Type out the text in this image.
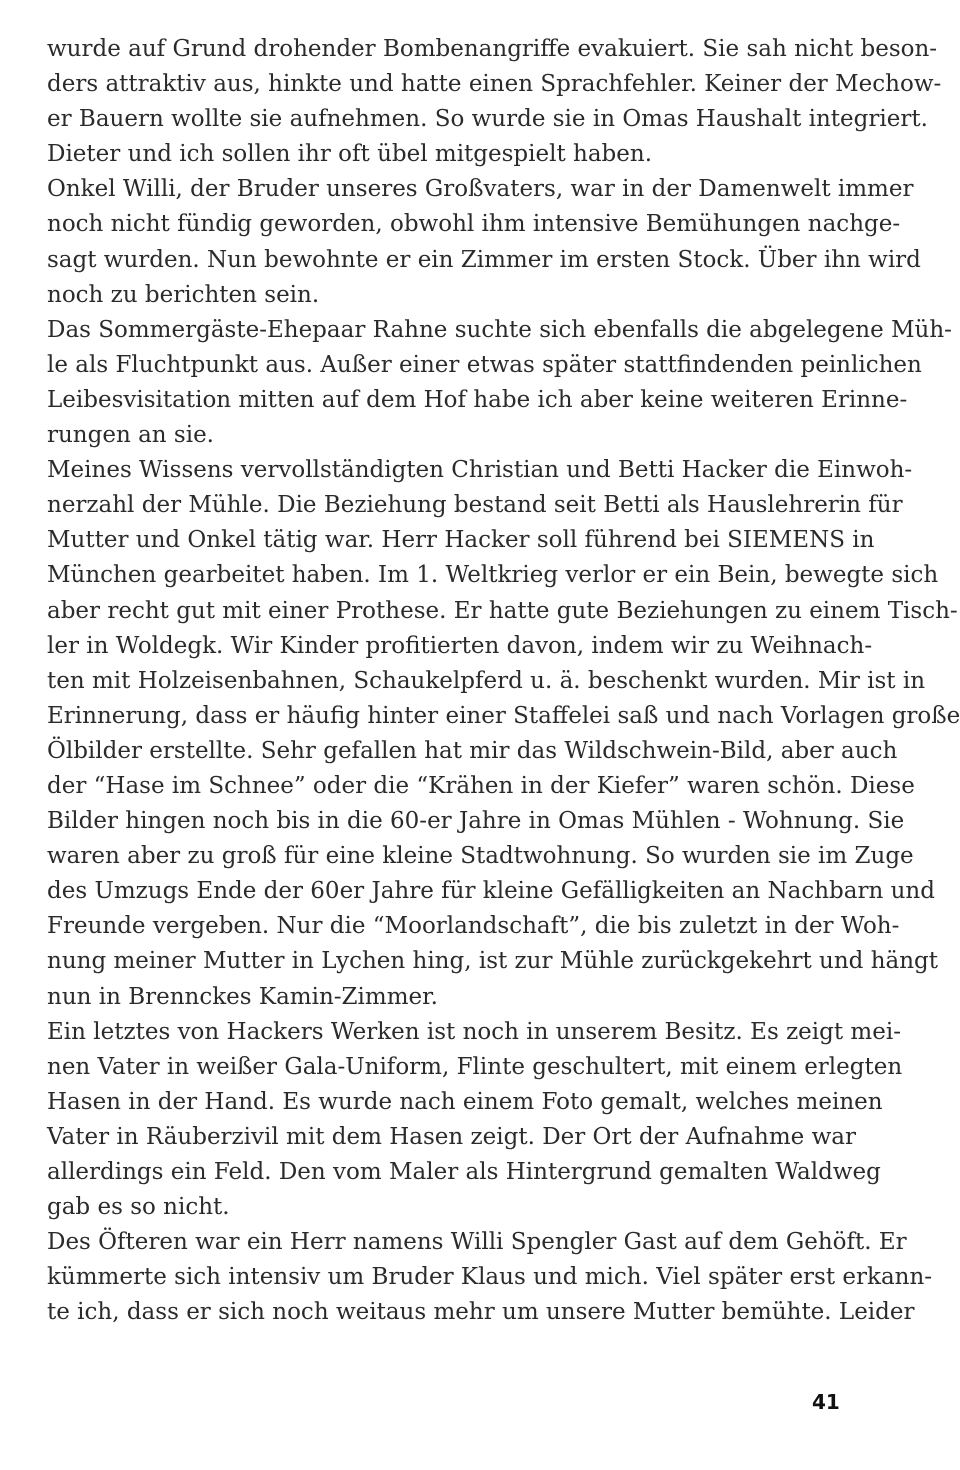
wurde auf Grund drohender Bombenangriffe evakuiert. Sie sah nicht beson-
ders attraktiv aus, hinkte und hatte einen Sprachfehler. Keiner der Mechow-
er Bauern wollte sie aufnehmen. So wurde sie in Omas Haushalt integriert.
Dieter und ich sollen ihr oft übel mitgespielt haben.
Onkel Willi, der Bruder unseres Großvaters, war in der Damenwelt immer
noch nicht fündig geworden, obwohl ihm intensive Bemühungen nachge-
sagt wurden. Nun bewohnte er ein Zimmer im ersten Stock. Über ihn wird
noch zu berichten sein.
Das Sommergäste-Ehepaar Rahne suchte sich ebenfalls die abgelegene Müh-
le als Fluchtpunkt aus. Außer einer etwas später stattfindenden peinlichen
Leibesvisitation mitten auf dem Hof habe ich aber keine weiteren Erinne-
rungen an sie.
Meines Wissens vervollständigten Christian und Betti Hacker die Einwoh-
nerzahl der Mühle. Die Beziehung bestand seit Betti als Hauslehrerin für
Mutter und Onkel tätig war. Herr Hacker soll führend bei SIEMENS in
München gearbeitet haben. Im 1. Weltkrieg verlor er ein Bein, bewegte sich
aber recht gut mit einer Prothese. Er hatte gute Beziehungen zu einem Tisch-
ler in Woldegk. Wir Kinder profitierten davon, indem wir zu Weihnach-
ten mit Holzeisenbahnen, Schaukelpferd u. ä. beschenkt wurden. Mir ist in
Erinnerung, dass er häufig hinter einer Staffelei saß und nach Vorlagen große
Ölbilder erstellte. Sehr gefallen hat mir das Wildschwein-Bild, aber auch
der “Hase im Schnee” oder die “Krähen in der Kiefer” waren schön. Diese
Bilder hingen noch bis in die 60-er Jahre in Omas Mühlen - Wohnung. Sie
waren aber zu groß für eine kleine Stadtwohnung. So wurden sie im Zuge
des Umzugs Ende der 60er Jahre für kleine Gefälligkeiten an Nachbarn und
Freunde vergeben. Nur die “Moorlandschaft”, die bis zuletzt in der Woh-
nung meiner Mutter in Lychen hing, ist zur Mühle zurückgekehrt und hängt
nun in Brennckes Kamin-Zimmer.
Ein letztes von Hackers Werken ist noch in unserem Besitz. Es zeigt mei-
nen Vater in weißer Gala-Uniform, Flinte geschultert, mit einem erlegten
Hasen in der Hand. Es wurde nach einem Foto gemalt, welches meinen
Vater in Räuberzivil mit dem Hasen zeigt. Der Ort der Aufnahme war
allerdings ein Feld. Den vom Maler als Hintergrund gemalten Waldweg
gab es so nicht.
Des Öfteren war ein Herr namens Willi Spengler Gast auf dem Gehöft. Er
kümmerte sich intensiv um Bruder Klaus und mich. Viel später erst erkann-
te ich, dass er sich noch weitaus mehr um unsere Mutter bemühte. Leider
41
